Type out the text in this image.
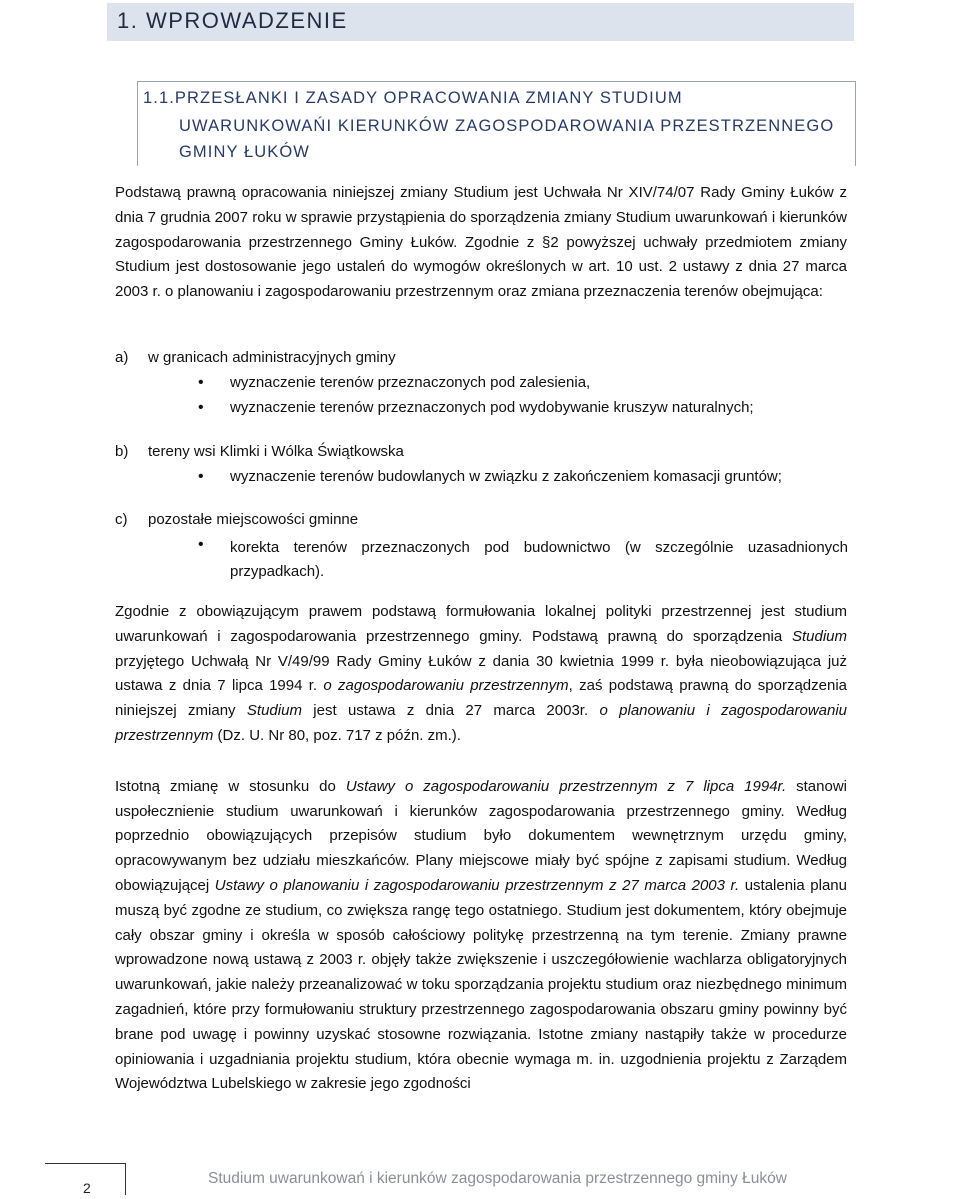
1. WPROWADZENIE
1.1.PRZESŁANKI I ZASADY OPRACOWANIA ZMIANY STUDIUM
UWARUNKOWAŃI KIERUNKÓW ZAGOSPODAROWANIA PRZESTRZENNEGO
GMINY ŁUKÓW
Podstawą prawną opracowania niniejszej zmiany Studium jest Uchwała Nr XIV/74/07 Rady Gminy Łuków z dnia 7 grudnia 2007 roku w sprawie przystąpienia do sporządzenia zmiany Studium uwarunkowań i kierunków zagospodarowania przestrzennego Gminy Łuków. Zgodnie z §2 powyższej uchwały przedmiotem zmiany Studium jest dostosowanie jego ustaleń do wymogów określonych w art. 10 ust. 2 ustawy z dnia 27 marca 2003 r. o planowaniu i zagospodarowaniu przestrzennym oraz zmiana przeznaczenia terenów obejmująca:
a) w granicach administracyjnych gminy
• wyznaczenie terenów przeznaczonych pod zalesienia,
• wyznaczenie terenów przeznaczonych pod wydobywanie kruszyw naturalnych;
b) tereny wsi Klimki i Wólka Świątkowska
• wyznaczenie terenów budowlanych w związku z zakończeniem komasacji gruntów;
c) pozostałe miejscowości gminne
• korekta terenów przeznaczonych pod budownictwo (w szczególnie uzasadnionych przypadkach).

Zgodnie z obowiązującym prawem podstawą formułowania lokalnej polityki przestrzennej jest studium uwarunkowań i zagospodarowania przestrzennego gminy. Podstawą prawną do sporządzenia Studium przyjętego Uchwałą Nr V/49/99 Rady Gminy Łuków z dania 30 kwietnia 1999 r. była nieobowiązująca już ustawa z dnia 7 lipca 1994 r. o zagospodarowaniu przestrzennym, zaś podstawą prawną do sporządzenia niniejszej zmiany Studium jest ustawa z dnia 27 marca 2003r. o planowaniu i zagospodarowaniu przestrzennym (Dz. U. Nr 80, poz. 717 z późn. zm.).

Istotną zmianę w stosunku do Ustawy o zagospodarowaniu przestrzennym z 7 lipca 1994r. stanowi uspołecznienie studium uwarunkowań i kierunków zagospodarowania przestrzennego gminy. Według poprzednio obowiązujących przepisów studium było dokumentem wewnętrznym urzędu gminy, opracowywanym bez udziału mieszkańców. Plany miejscowe miały być spójne z zapisami studium. Według obowiązującej Ustawy o planowaniu i zagospodarowaniu przestrzennym z 27 marca 2003 r. ustalenia planu muszą być zgodne ze studium, co zwiększa rangę tego ostatniego. Studium jest dokumentem, który obejmuje cały obszar gminy i określa w sposób całościowy politykę przestrzenną na tym terenie. Zmiany prawne wprowadzone nową ustawą z 2003 r. objęły także zwiększenie i uszczegółowienie wachlarza obligatoryjnych uwarunkowań, jakie należy przeanalizować w toku sporządzania projektu studium oraz niezbędnego minimum zagadnień, które przy formułowaniu struktury przestrzennego zagospodarowania obszaru gminy powinny być brane pod uwagę i powinny uzyskać stosowne rozwiązania. Istotne zmiany nastąpiły także w procedurze opiniowania i uzgadniania projektu studium, która obecnie wymaga m. in. uzgodnienia projektu z Zarządem Województwa Lubelskiego w zakresie jego zgodności

2
Studium uwarunkowań i kierunków zagospodarowania przestrzennego gminy Łuków
